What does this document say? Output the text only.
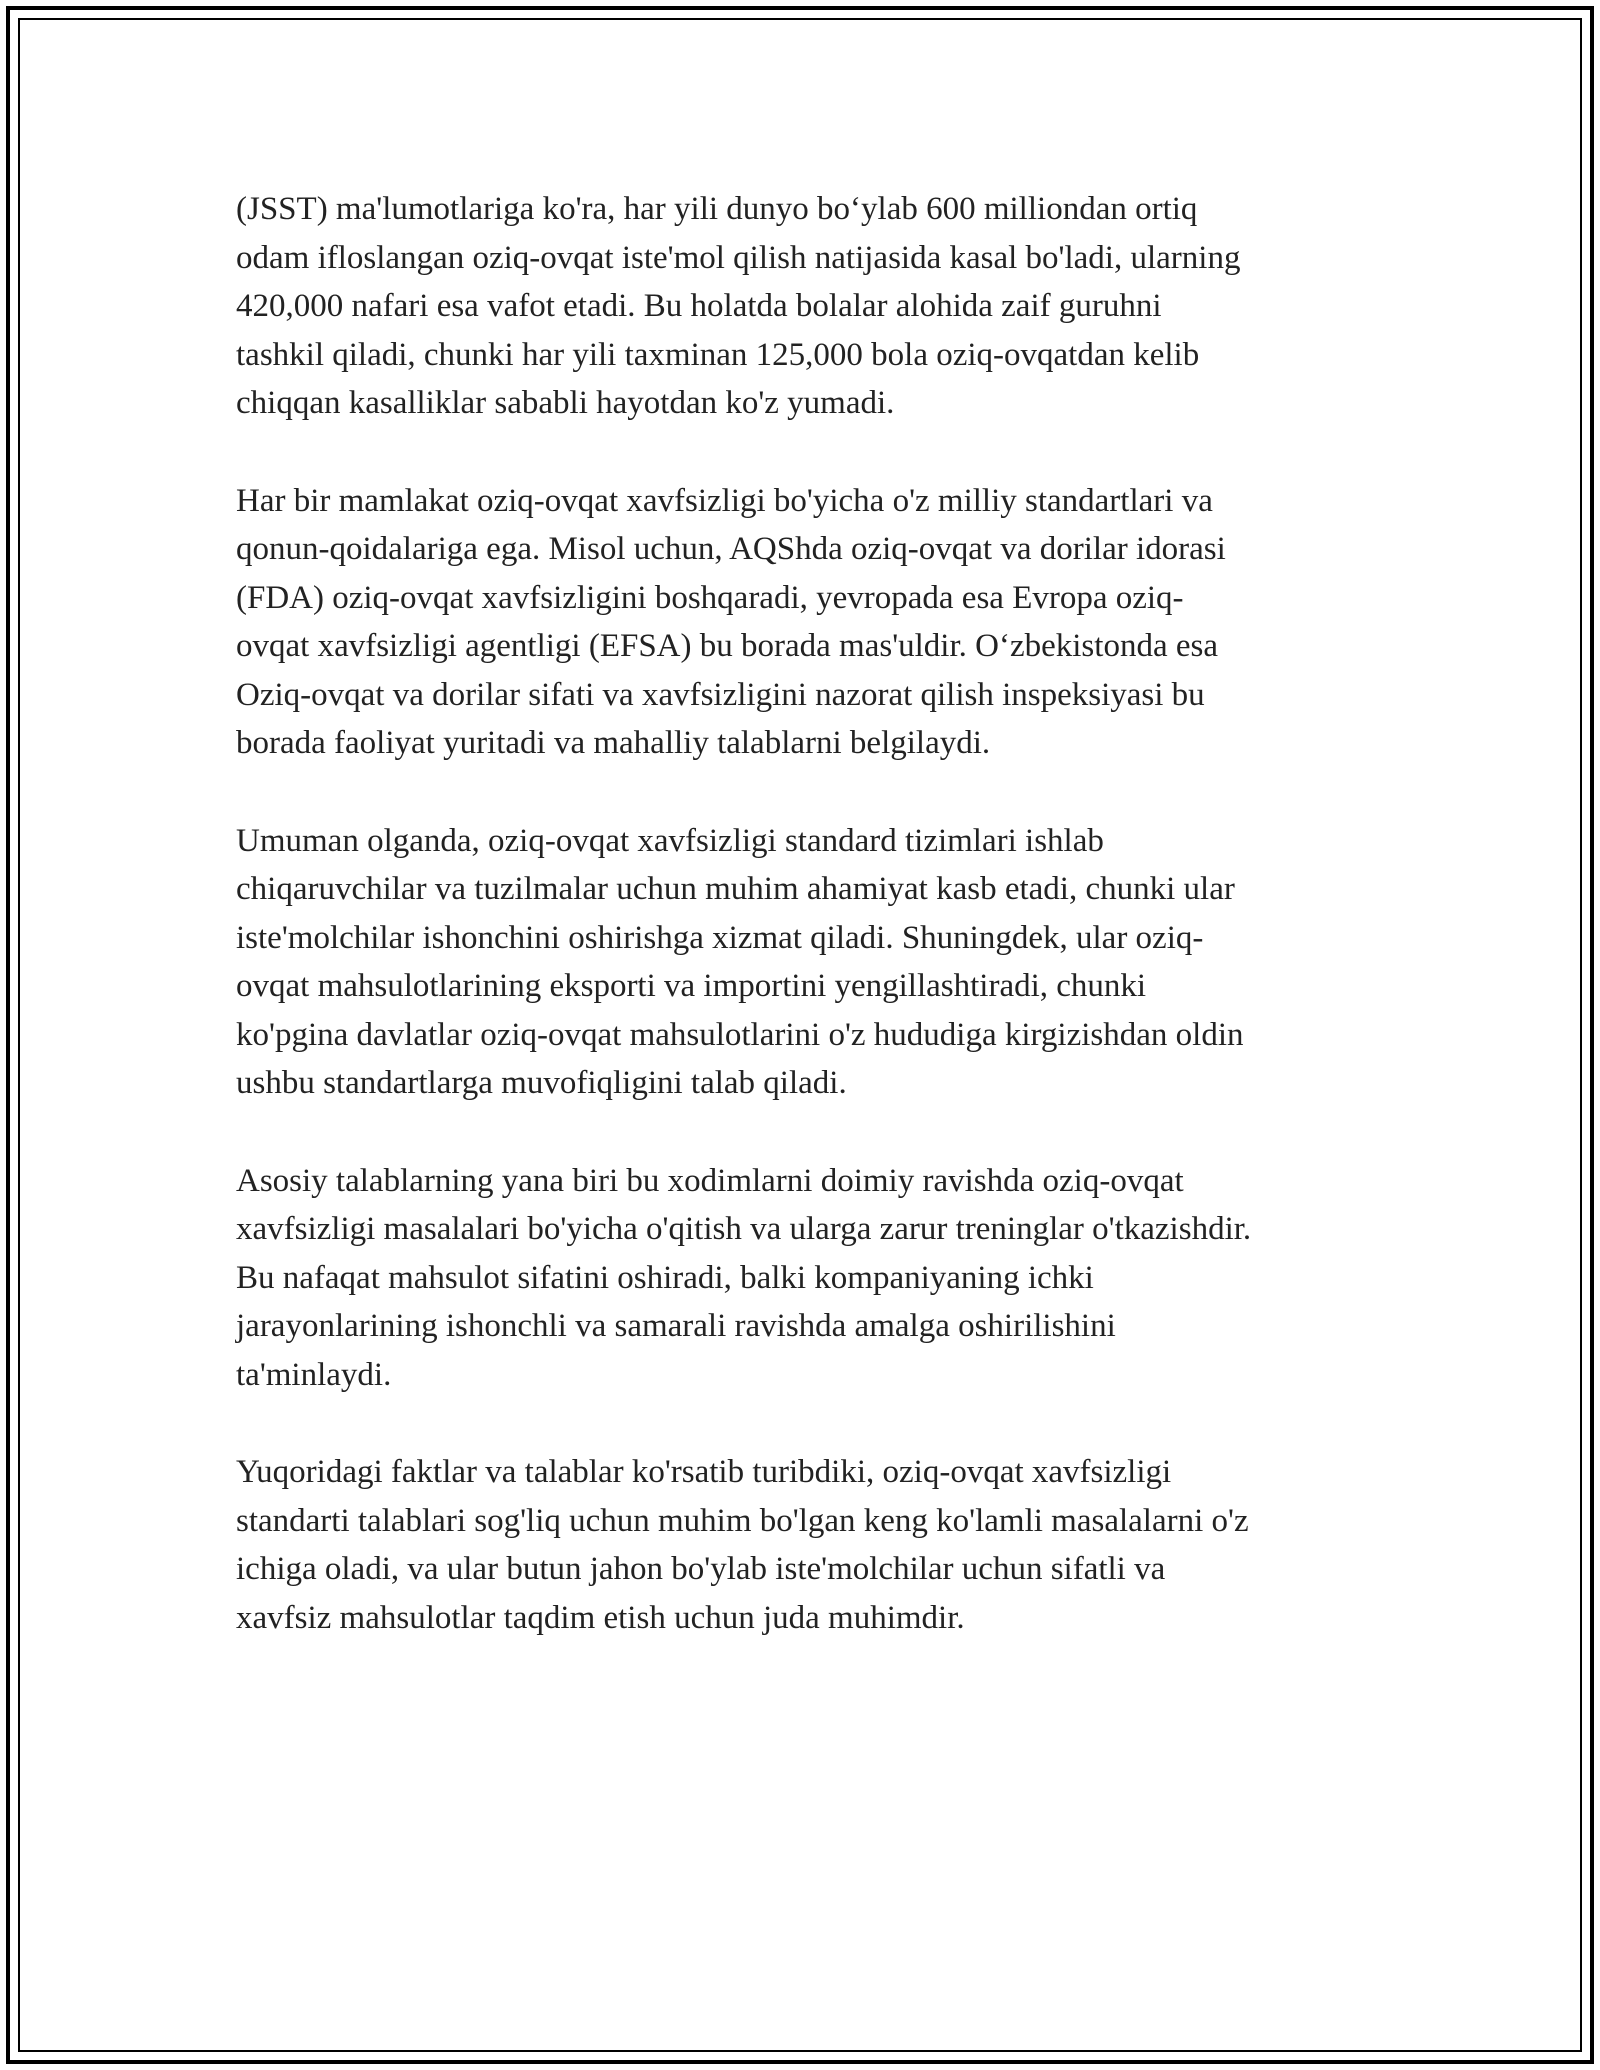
(JSST) ma'lumotlariga ko'ra, har yili dunyo bo‘ylab 600 milliondan ortiq
odam ifloslangan oziq-ovqat iste'mol qilish natijasida kasal bo'ladi, ularning
420,000 nafari esa vafot etadi. Bu holatda bolalar alohida zaif guruhni
tashkil qiladi, chunki har yili taxminan 125,000 bola oziq-ovqatdan kelib
chiqqan kasalliklar sababli hayotdan ko'z yumadi.

Har bir mamlakat oziq-ovqat xavfsizligi bo'yicha o'z milliy standartlari va
qonun-qoidalariga ega. Misol uchun, AQShda oziq-ovqat va dorilar idorasi
(FDA) oziq-ovqat xavfsizligini boshqaradi, yevropada esa Evropa oziq-
ovqat xavfsizligi agentligi (EFSA) bu borada mas'uldir. O‘zbekistonda esa
Oziq-ovqat va dorilar sifati va xavfsizligini nazorat qilish inspeksiyasi bu
borada faoliyat yuritadi va mahalliy talablarni belgilaydi.

Umuman olganda, oziq-ovqat xavfsizligi standard tizimlari ishlab
chiqaruvchilar va tuzilmalar uchun muhim ahamiyat kasb etadi, chunki ular
iste'molchilar ishonchini oshirishga xizmat qiladi. Shuningdek, ular oziq-
ovqat mahsulotlarining eksporti va importini yengillashtiradi, chunki
ko'pgina davlatlar oziq-ovqat mahsulotlarini o'z hududiga kirgizishdan oldin
ushbu standartlarga muvofiqligini talab qiladi.

Asosiy talablarning yana biri bu xodimlarni doimiy ravishda oziq-ovqat
xavfsizligi masalalari bo'yicha o'qitish va ularga zarur treninglar o'tkazishdir.
Bu nafaqat mahsulot sifatini oshiradi, balki kompaniyaning ichki
jarayonlarining ishonchli va samarali ravishda amalga oshirilishini
ta'minlaydi.

Yuqoridagi faktlar va talablar ko'rsatib turibdiki, oziq-ovqat xavfsizligi
standarti talablari sog'liq uchun muhim bo'lgan keng ko'lamli masalalarni o'z
ichiga oladi, va ular butun jahon bo'ylab iste'molchilar uchun sifatli va
xavfsiz mahsulotlar taqdim etish uchun juda muhimdir.
